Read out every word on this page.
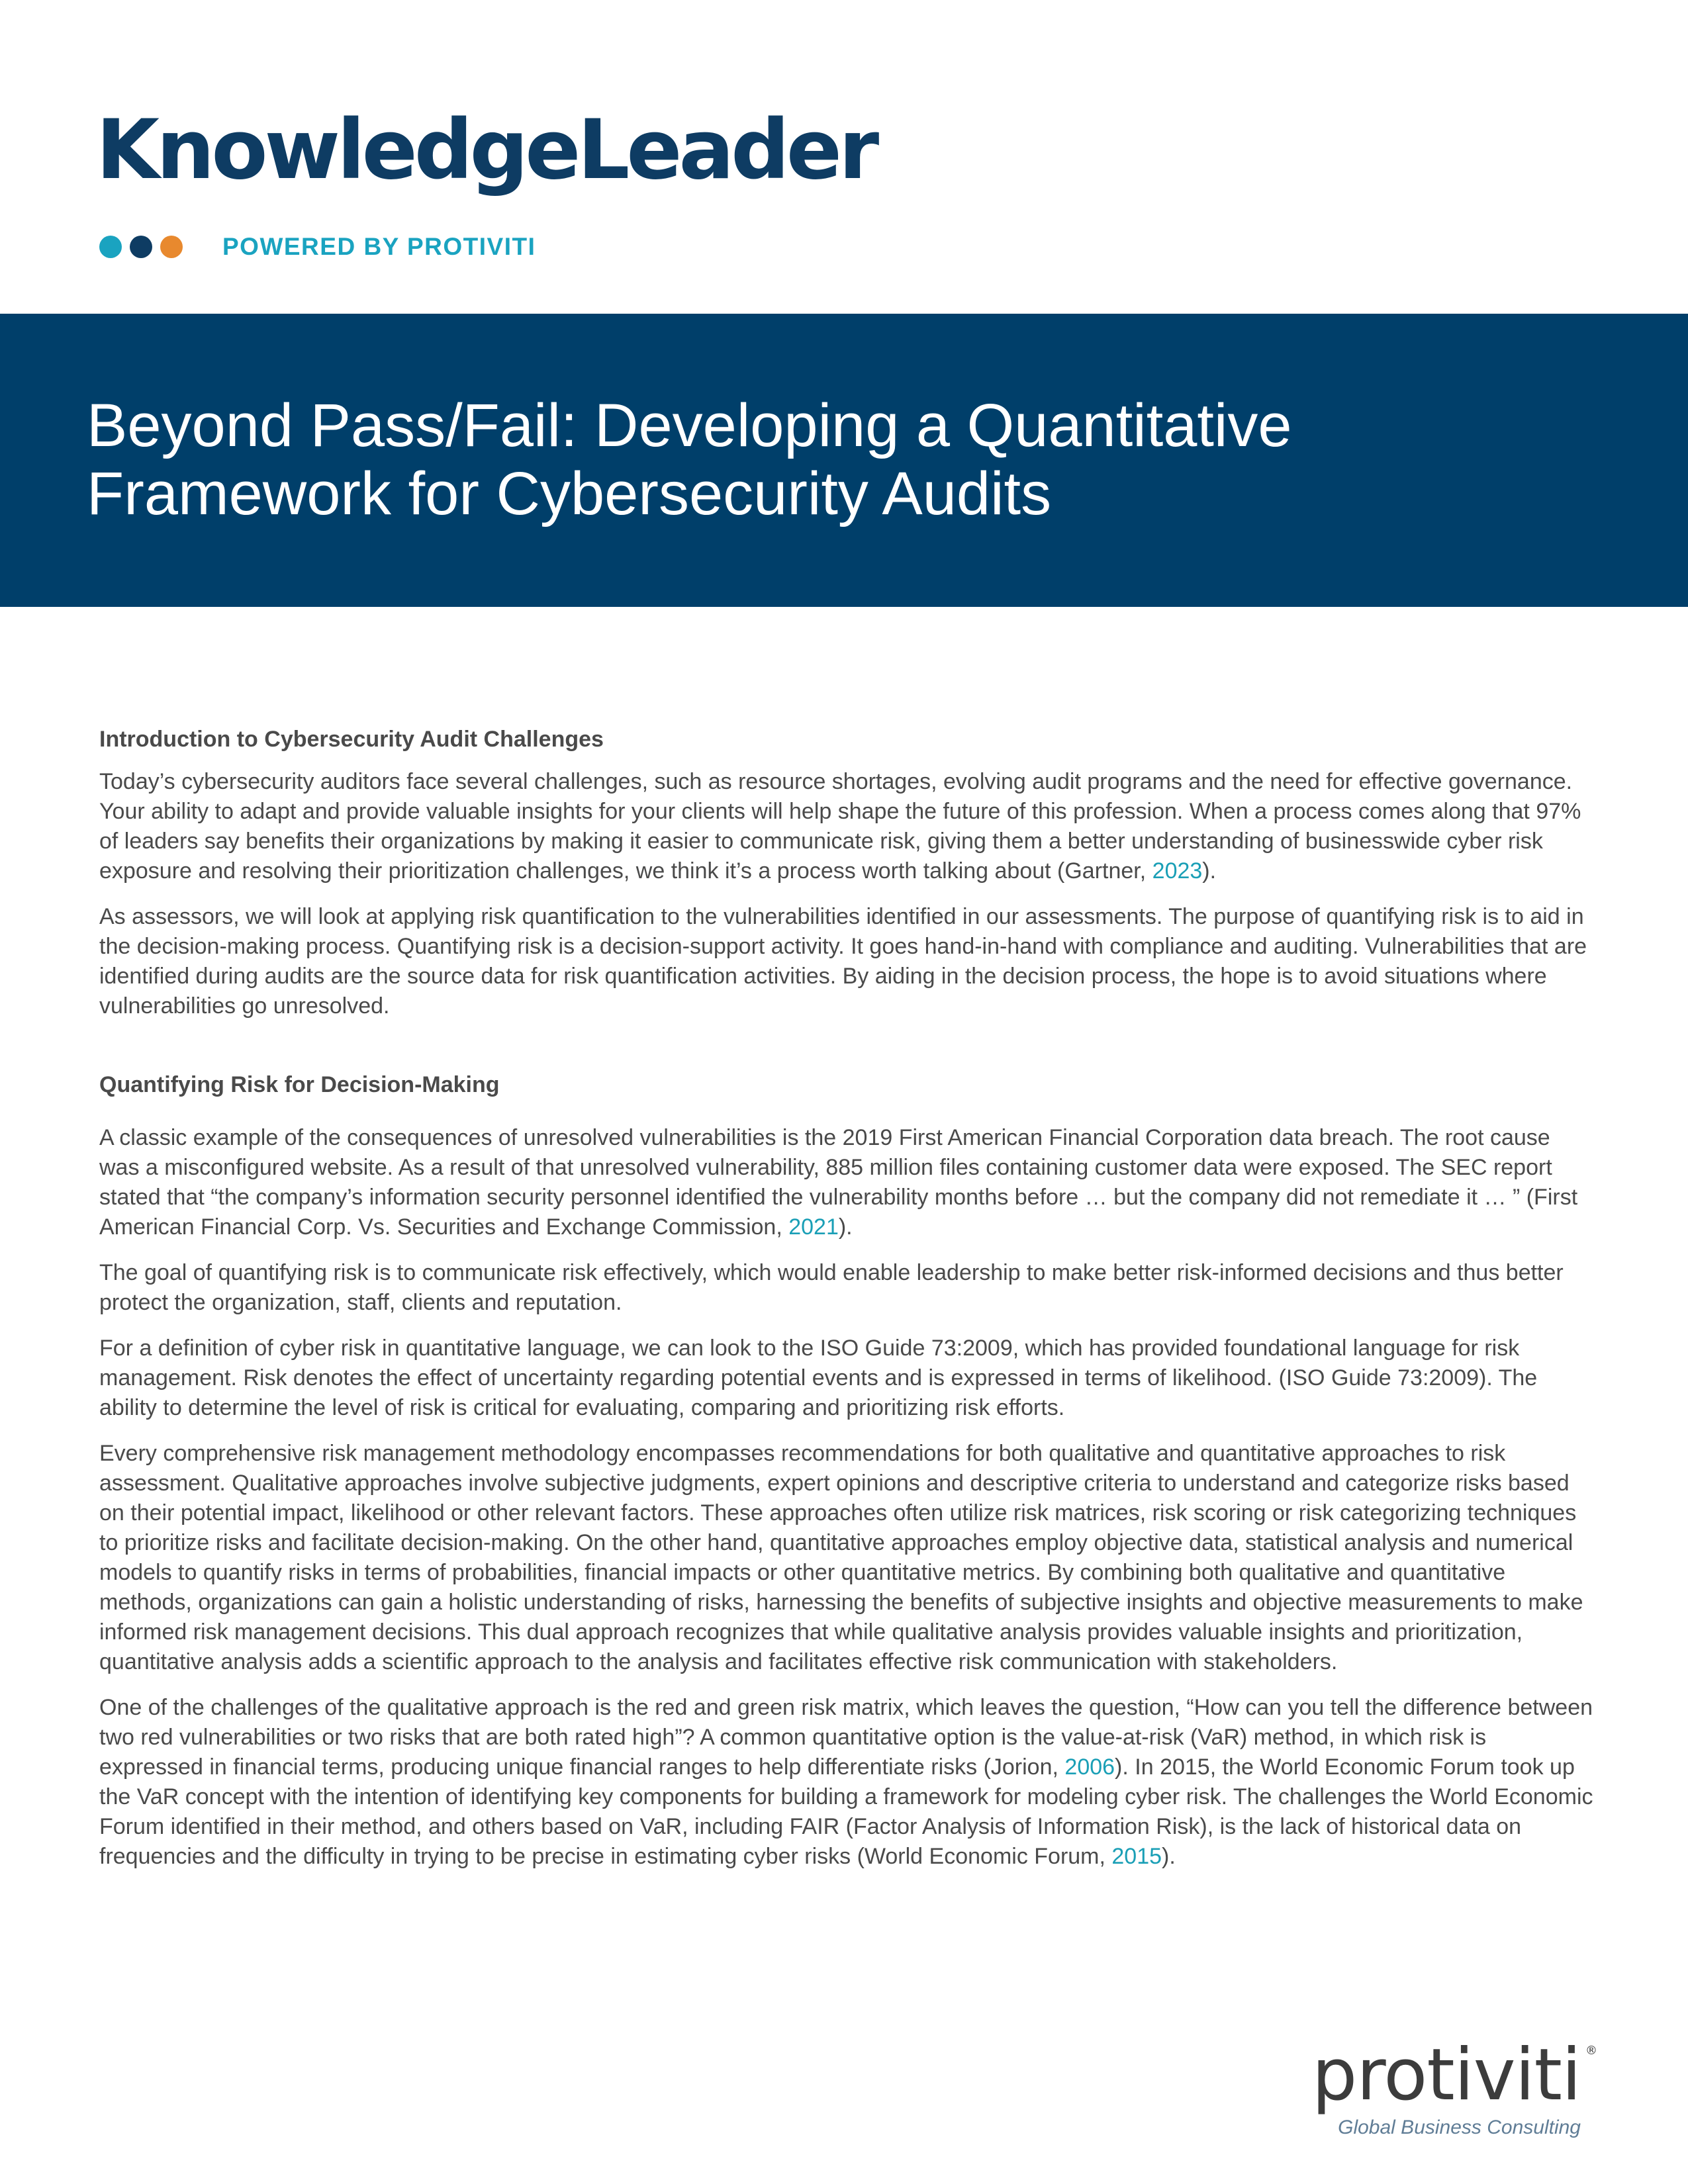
KnowledgeLeader
POWERED BY PROTIVITI
Beyond Pass/Fail: Developing a Quantitative
Framework for Cybersecurity Audits
Introduction to Cybersecurity Audit Challenges

Today’s cybersecurity auditors face several challenges, such as resource shortages, evolving audit programs and the need for effective governance. Your ability to adapt and provide valuable insights for your clients will help shape the future of this profession. When a process comes along that 97% of leaders say benefits their organizations by making it easier to communicate risk, giving them a better understanding of businesswide cyber risk exposure and resolving their prioritization challenges, we think it’s a process worth talking about (Gartner, 2023).

As assessors, we will look at applying risk quantification to the vulnerabilities identified in our assessments. The purpose of quantifying risk is to aid in the decision-making process. Quantifying risk is a decision-support activity. It goes hand-in-hand with compliance and auditing. Vulnerabilities that are identified during audits are the source data for risk quantification activities. By aiding in the decision process, the hope is to avoid situations where vulnerabilities go unresolved.

Quantifying Risk for Decision-Making

A classic example of the consequences of unresolved vulnerabilities is the 2019 First American Financial Corporation data breach. The root cause was a misconfigured website. As a result of that unresolved vulnerability, 885 million files containing customer data were exposed. The SEC report stated that “the company’s information security personnel identified the vulnerability months before … but the company did not remediate it … ” (First American Financial Corp. Vs. Securities and Exchange Commission, 2021).

The goal of quantifying risk is to communicate risk effectively, which would enable leadership to make better risk-informed decisions and thus better protect the organization, staff, clients and reputation.

For a definition of cyber risk in quantitative language, we can look to the ISO Guide 73:2009, which has provided foundational language for risk management. Risk denotes the effect of uncertainty regarding potential events and is expressed in terms of likelihood. (ISO Guide 73:2009). The ability to determine the level of risk is critical for evaluating, comparing and prioritizing risk efforts.

Every comprehensive risk management methodology encompasses recommendations for both qualitative and quantitative approaches to risk assessment. Qualitative approaches involve subjective judgments, expert opinions and descriptive criteria to understand and categorize risks based on their potential impact, likelihood or other relevant factors. These approaches often utilize risk matrices, risk scoring or risk categorizing techniques to prioritize risks and facilitate decision-making. On the other hand, quantitative approaches employ objective data, statistical analysis and numerical models to quantify risks in terms of probabilities, financial impacts or other quantitative metrics. By combining both qualitative and quantitative methods, organizations can gain a holistic understanding of risks, harnessing the benefits of subjective insights and objective measurements to make informed risk management decisions. This dual approach recognizes that while qualitative analysis provides valuable insights and prioritization, quantitative analysis adds a scientific approach to the analysis and facilitates effective risk communication with stakeholders.

One of the challenges of the qualitative approach is the red and green risk matrix, which leaves the question, “How can you tell the difference between two red vulnerabilities or two risks that are both rated high”? A common quantitative option is the value-at-risk (VaR) method, in which risk is expressed in financial terms, producing unique financial ranges to help differentiate risks (Jorion, 2006). In 2015, the World Economic Forum took up the VaR concept with the intention of identifying key components for building a framework for modeling cyber risk. The challenges the World Economic Forum identified in their method, and others based on VaR, including FAIR (Factor Analysis of Information Risk), is the lack of historical data on frequencies and the difficulty in trying to be precise in estimating cyber risks (World Economic Forum, 2015).

protiviti ®
Global Business Consulting
